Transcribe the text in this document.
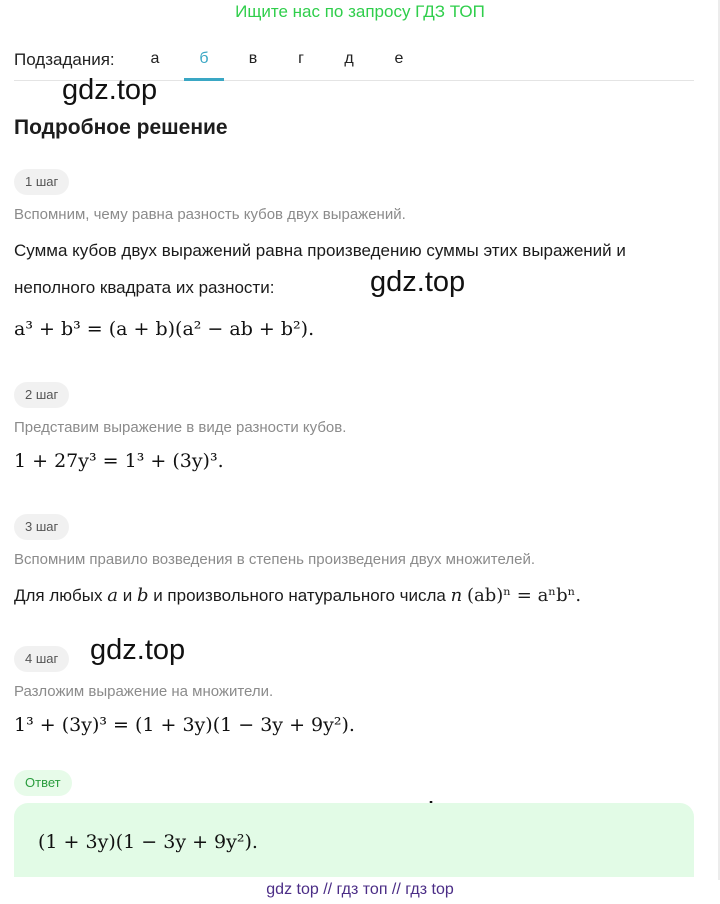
Ищите нас по запросу ГДЗ ТОП
Подзадания:	а	б	в	г	д	е
gdz.top
gdz.top
gdz.top
Подробное решение
1 шаг
Вспомним, чему равна разность кубов двух выражений.
Сумма кубов двух выражений равна произведению суммы этих выражений и
неполного квадрата их разности:
a³ + b³ = (a + b)(a² − ab + b²).
2 шаг
Представим выражение в виде разности кубов.
1 + 27y³ = 1³ + (3y)³.
3 шаг
Вспомним правило возведения в степень произведения двух множителей.
Для любых a и b и произвольного натурального числа n (ab)ⁿ = aⁿbⁿ.
4 шаг
Разложим выражение на множители.
1³ + (3y)³ = (1 + 3y)(1 − 3y + 9y²).
Ответ
(1 + 3y)(1 − 3y + 9y²).
gdz top // гдз топ // гдз top
